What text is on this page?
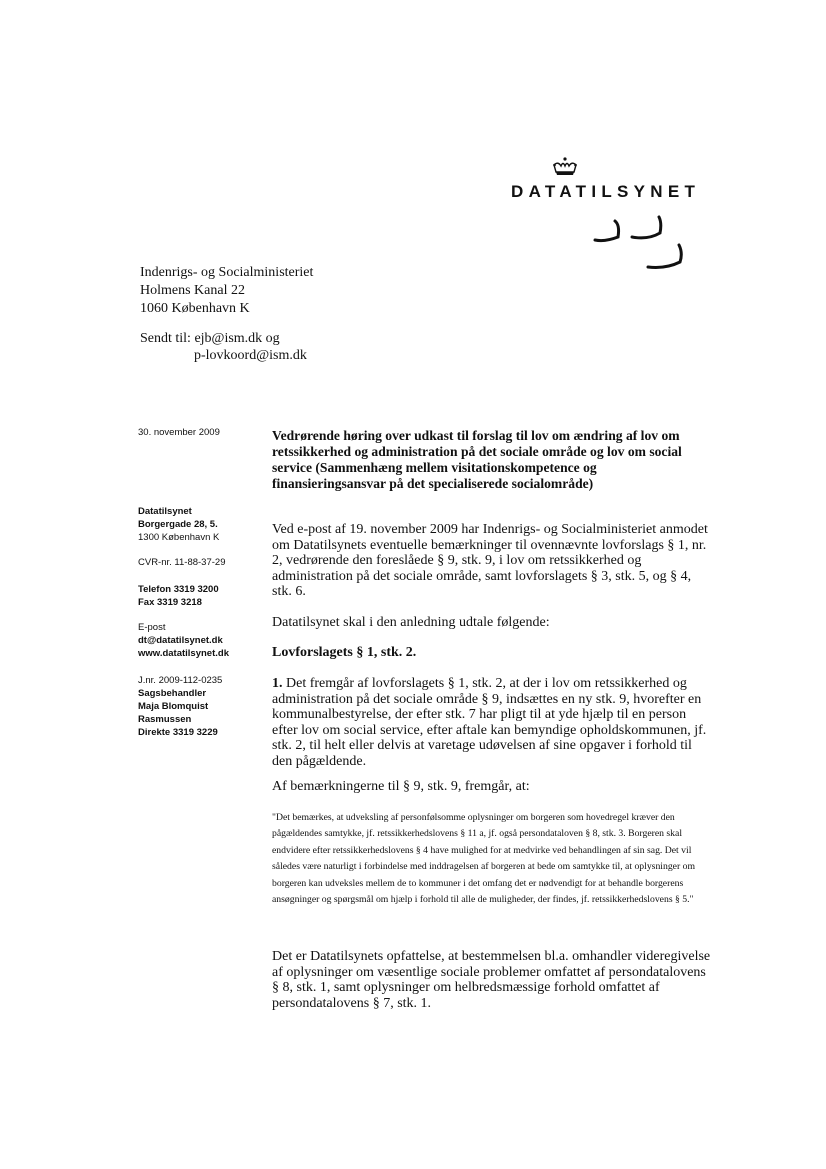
DATATILSYNET
Indenrigs- og Socialministeriet
Holmens Kanal 22
1060 København K
Sendt til: ejb@ism.dk og
p-lovkoord@ism.dk
30. november 2009
Datatilsynet
Borgergade 28, 5.
1300 København K
CVR-nr. 11-88-37-29
Telefon 3319 3200
Fax 3319 3218
E-post
dt@datatilsynet.dk
www.datatilsynet.dk
J.nr. 2009-112-0235
Sagsbehandler
Maja Blomquist
Rasmussen
Direkte 3319 3229
Vedrørende høring over udkast til forslag til lov om ændring af lov om retssikkerhed og administration på det sociale område og lov om social service (Sammenhæng mellem visitationskompetence og finansieringsansvar på det specialiserede socialområde)
Ved e-post af 19. november 2009 har Indenrigs- og Socialministeriet anmodet om Datatilsynets eventuelle bemærkninger til ovennævnte lovforslags § 1, nr. 2, vedrørende den foreslåede § 9, stk. 9, i lov om retssikkerhed og administration på det sociale område, samt lovforslagets § 3, stk. 5, og § 4, stk. 6.
Datatilsynet skal i den anledning udtale følgende:
Lovforslagets § 1, stk. 2.
1. Det fremgår af lovforslagets § 1, stk. 2, at der i lov om retssikkerhed og administration på det sociale område § 9, indsættes en ny stk. 9, hvorefter en kommunalbestyrelse, der efter stk. 7 har pligt til at yde hjælp til en person efter lov om social service, efter aftale kan bemyndige opholdskommunen, jf. stk. 2, til helt eller delvis at varetage udøvelsen af sine opgaver i forhold til den pågældende.
Af bemærkningerne til § 9, stk. 9, fremgår, at:
"Det bemærkes, at udveksling af personfølsomme oplysninger om borgeren som hovedregel kræver den pågældendes samtykke, jf. retssikkerhedslovens § 11 a, jf. også persondataloven § 8, stk. 3. Borgeren skal endvidere efter retssikkerhedslovens § 4 have mulighed for at medvirke ved behandlingen af sin sag. Det vil således være naturligt i forbindelse med inddragelsen af borgeren at bede om samtykke til, at oplysninger om borgeren kan udveksles mellem de to kommuner i det omfang det er nødvendigt for at behandle borgerens ansøgninger og spørgsmål om hjælp i forhold til alle de muligheder, der findes, jf. retssikkerhedslovens § 5."
Det er Datatilsynets opfattelse, at bestemmelsen bl.a. omhandler videregivelse af oplysninger om væsentlige sociale problemer omfattet af persondatalovens § 8, stk. 1, samt oplysninger om helbredsmæssige forhold omfattet af persondatalovens § 7, stk. 1.
